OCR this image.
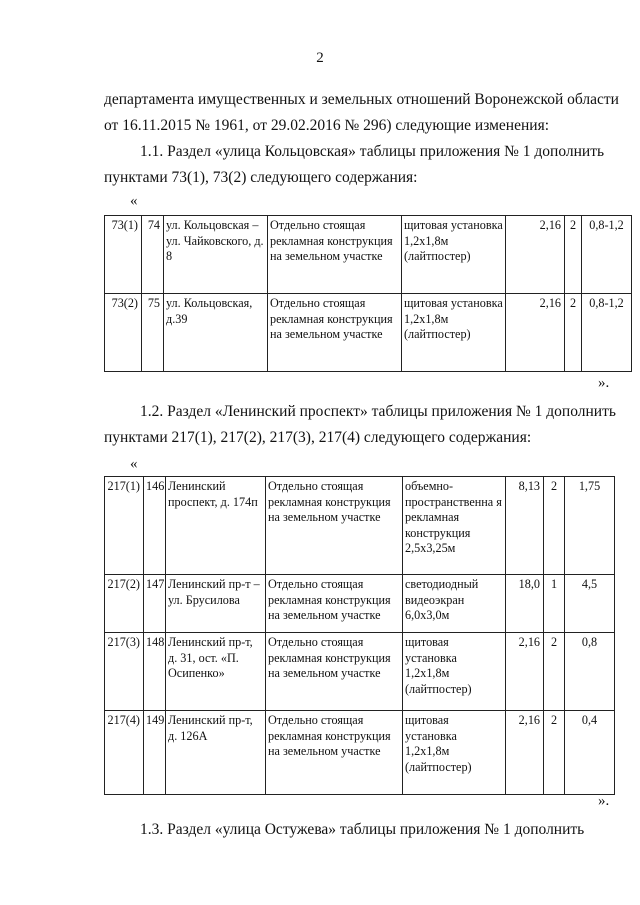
2
департамента имущественных и земельных отношений Воронежской области
от 16.11.2015 № 1961, от 29.02.2016 № 296) следующие изменения:
1.1. Раздел «улица Кольцовская» таблицы приложения № 1 дополнить
пунктами 73(1), 73(2) следующего содержания:
«
73(1)	74	ул. Кольцовская – ул. Чайковского, д. 8	Отдельно стоящая рекламная конструкция на земельном участке	щитовая установка 1,2х1,8м (лайтпостер)	2,16	2	0,8-1,2
73(2)	75	ул. Кольцовская, д.39	Отдельно стоящая рекламная конструкция на земельном участке	щитовая установка 1,2х1,8м (лайтпостер)	2,16	2	0,8-1,2
».
1.2. Раздел «Ленинский проспект» таблицы приложения № 1 дополнить
пунктами 217(1), 217(2), 217(3), 217(4) следующего содержания:
«
217(1)	146	Ленинский проспект, д. 174п	Отдельно стоящая рекламная конструкция на земельном участке	объемно-пространственна я рекламная конструкция 2,5х3,25м	8,13	2	1,75
217(2)	147	Ленинский пр-т – ул. Брусилова	Отдельно стоящая рекламная конструкция на земельном участке	светодиодный видеоэкран 6,0х3,0м	18,0	1	4,5
217(3)	148	Ленинский пр-т, д. 31, ост. «П. Осипенко»	Отдельно стоящая рекламная конструкция на земельном участке	щитовая установка 1,2х1,8м (лайтпостер)	2,16	2	0,8
217(4)	149	Ленинский пр-т, д. 126А	Отдельно стоящая рекламная конструкция на земельном участке	щитовая установка 1,2х1,8м (лайтпостер)	2,16	2	0,4
».
1.3. Раздел «улица Остужева» таблицы приложения № 1 дополнить
